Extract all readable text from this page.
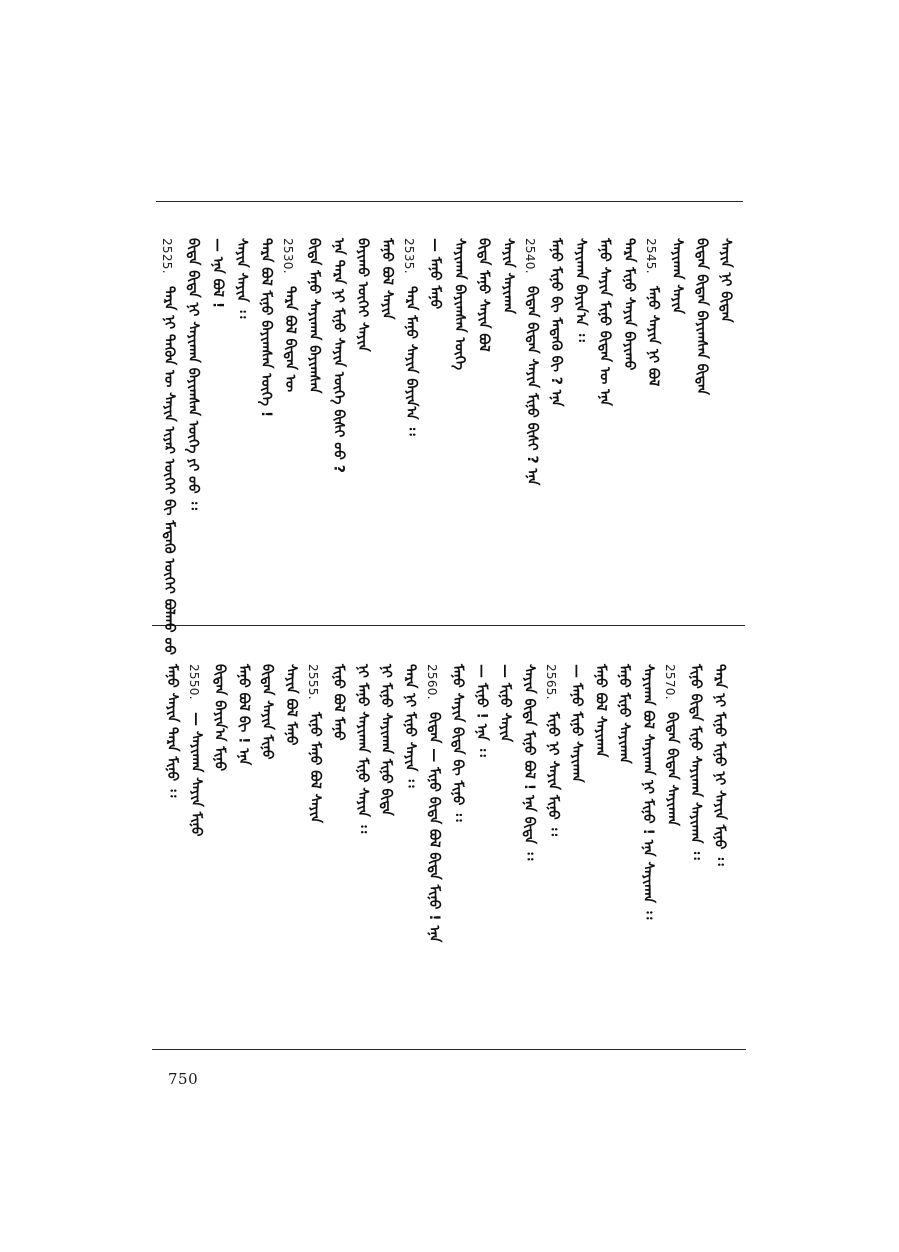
2525.
ᠲᠡᠷᠡ ᠨᠢ ᠲᠡᠭᠦᠨ ᠦ ᠰᠠᠶᠢᠨ ᠢᠶᠡᠷ ᠦᠭᠡᠢ ᠪᠢ ᠮᠡᠳᠡᠬᠦ ᠦᠭᠡᠢ ᠪᠤᠯᠬᠤ ᠤᠤ ᠪᠢᠳᠡ ᠪᠢᠳᠡ ᠨᠢ ᠰᠠᠶᠢᠬᠠᠨ ᠪᠠᠶᠢᠭᠰᠠᠨ ᠦᠭᠡ ᠶᠢ ᠤᠤ ᠄᠄ — ᠡᠨᠡ ᠪᠣᠯ ! ᠰᠠᠶᠢᠨ ᠰᠠᠶᠢᠨ ᠄᠄ ᠲᠡᠷᠡ ᠪᠣᠯ ᠮᠢᠨᠤ ᠪᠠᠶᠢᠭᠰᠠᠨ ᠦᠭᠡ ! 2530.
ᠲᠡᠷᠡ ᠪᠣᠯ ᠪᠢᠳᠡᠨ ᠦ ᠪᠢᠳᠡ ᠮᠠᠨᠤ ᠰᠠᠶᠢᠬᠠᠨ ᠪᠠᠶᠢᠭᠰᠠᠨ ᠡᠨᠡ ᠲᠡᠷᠡ ᠨᠢ ᠮᠢᠨᠤ ᠰᠠᠶᠢᠨ ᠦᠭᠡ ᠪᠢᠰᠢ ᠦᠦ ? ᠪᠠᠶᠢᠬᠤ ᠦᠭᠡᠢ ᠰᠠᠶᠢᠨ ᠮᠠᠨᠤ ᠪᠣᠯ ᠰᠠᠶᠢᠨ 2535.
ᠲᠡᠷᠡ ᠮᠠᠨᠤ ᠰᠠᠶᠢᠨ ᠪᠠᠶᠢᠨ᠎ᠠ ᠄᠄
— ᠮᠠᠨᠤ ᠮᠠᠨᠤ ᠰᠠᠶᠢᠬᠠᠨ ᠪᠠᠶᠢᠭᠰᠠᠨ ᠦᠭᠡ ᠪᠢᠳᠡ ᠮᠠᠨᠤ ᠰᠠᠶᠢᠨ ᠪᠣᠯ ᠰᠠᠶᠢᠨ ᠰᠠᠶᠢᠬᠠᠨ 2540.
ᠪᠢᠳᠡᠨ ᠪᠢᠳᠡᠨ ᠰᠠᠶᠢᠨ ᠮᠢᠨᠤ ᠪᠢᠰᠢ ? ᠡᠨᠡ ᠮᠠᠨᠤ ᠮᠢᠨᠤ ᠪᠢ ᠮᠡᠳᠡᠬᠦ ᠪᠢ ? ᠡᠨᠡ ᠰᠠᠶᠢᠬᠠᠨ ᠪᠠᠶᠢᠨ᠎ᠠ ᠄᠄ ᠮᠠᠨᠤ ᠰᠠᠶᠢᠨ ᠮᠢᠨᠤ ᠪᠢᠳᠡᠨ ᠦ ᠡᠨᠡ ᠲᠡᠷᠡ ᠮᠢᠨᠤ ᠰᠠᠶᠢᠨ ᠪᠠᠶᠢᠬᠤ 2545.
ᠮᠠᠨᠤ ᠰᠠᠶᠢᠨ ᠨᠢ ᠪᠣᠯ
ᠰᠠᠶᠢᠬᠠᠨ ᠰᠠᠶᠢᠨ ᠪᠢᠳᠡᠨ ᠪᠢᠳᠡᠨ ᠪᠠᠶᠢᠭᠰᠠᠨ ᠪᠢᠳᠡᠨ ᠰᠠᠶᠢᠨ ᠨᠢ ᠪᠢᠳᠡᠨ
ᠮᠠᠨᠤ ᠰᠠᠶᠢᠨ ᠲᠡᠷᠡ ᠮᠢᠨᠤ ᠄᠄ 2550.
— ᠰᠠᠶᠢᠬᠠᠨ ᠰᠠᠶᠢᠨ ᠮᠢᠨᠤ ᠪᠢᠳᠡᠨ ᠪᠠᠶᠢᠨ᠎ᠠ ᠮᠢᠨᠤ ᠮᠠᠨᠤ ᠪᠣᠯ ᠪᠢ ! ᠡᠨᠡ ᠪᠢᠳᠡᠨ ᠰᠠᠶᠢᠨ ᠮᠢᠨᠤ ᠰᠠᠶᠢᠨ ᠪᠣᠯ ᠮᠠᠨᠤ 2555.
ᠮᠢᠨᠤ ᠮᠠᠨᠤ ᠪᠣᠯ ᠰᠠᠶᠢᠨ
ᠮᠢᠨᠤ ᠪᠣᠯ ᠮᠠᠨᠤ ᠨᠢ ᠮᠠᠨᠤ ᠰᠠᠶᠢᠬᠠᠨ ᠮᠢᠨᠤ ᠰᠠᠶᠢᠨ ᠄᠄ ᠨᠢ ᠮᠢᠨᠤ ᠰᠠᠶᠢᠬᠠᠨ ᠮᠢᠨᠤ ᠪᠢᠳᠡ ᠲᠡᠷᠡ ᠨᠢ ᠮᠢᠨᠤ ᠰᠠᠶᠢᠨ ᠄᠄ 2560.
ᠪᠢᠳᠡᠨ — ᠮᠢᠨᠤ ᠪᠢᠳᠡ ᠪᠣᠯ ᠪᠢᠳᠡ ᠮᠢᠨᠤ ! ᠡᠨᠡ ᠮᠠᠨᠤ ᠰᠠᠶᠢᠨ ᠪᠢᠳᠡ ᠪᠢ ᠮᠢᠨᠤ ᠄᠄ — ᠮᠢᠨᠤ ! ᠡᠨᠡ ᠄᠄ — ᠮᠢᠨᠤ ᠰᠠᠶᠢᠨ ᠰᠠᠶᠢᠨ ᠪᠢᠳᠡ ᠮᠢᠨᠤ ᠪᠣᠯ ! ᠡᠨᠡ ᠪᠢᠳᠡ ᠄᠄ 2565.
ᠮᠢᠨᠤ ᠨᠢ ᠰᠠᠶᠢᠨ ᠮᠢᠨᠤ ᠄᠄ — ᠮᠠᠨᠤ ᠮᠢᠨᠤ ᠰᠠᠶᠢᠬᠠᠨ ᠮᠠᠨᠤ ᠪᠣᠯ ᠰᠠᠶᠢᠬᠠᠨ ᠮᠠᠨᠤ ᠮᠢᠨᠤ ᠰᠠᠶᠢᠬᠠᠨ ᠰᠠᠶᠢᠬᠠᠨ ᠪᠣᠯ ᠰᠠᠶᠢᠬᠠᠨ ᠨᠢ ᠮᠢᠨᠤ ! ᠡᠨᠡ ᠰᠠᠶᠢᠬᠠᠨ ᠄᠄ 2570.
ᠪᠢᠳᠡᠨ ᠪᠢᠳᠡᠨ ᠰᠠᠶᠢᠬᠠᠨ ᠮᠢᠨᠤ ᠪᠢᠳᠡ ᠮᠢᠨᠤ ᠰᠠᠶᠢᠬᠠᠨ ᠰᠠᠶᠢᠬᠠᠨ ᠄᠄ ᠲᠡᠷᠡ ᠨᠢ ᠮᠢᠨᠤ ᠮᠢᠨᠤ ᠨᠢ ᠰᠠᠶᠢᠨ ᠮᠢᠨᠤ ᠄᠄
750
